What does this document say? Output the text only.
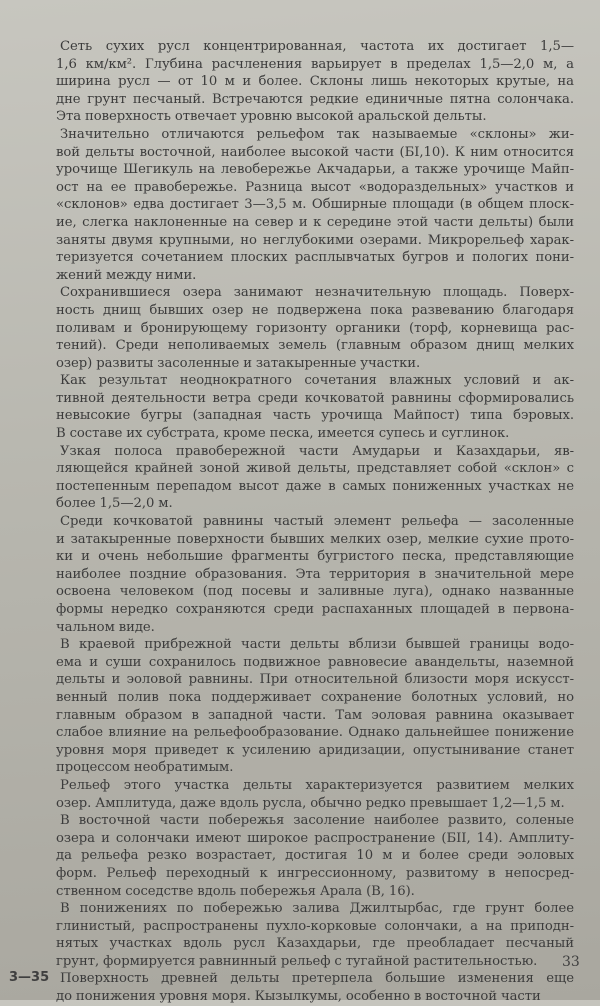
Сеть сухих русл концентрированная, частота их достигает 1,5—
1,6 км/км². Глубина расчленения варьирует в пределах 1,5—2,0 м, а
ширина русл — от 10 м и более. Склоны лишь некоторых крутые, на
дне грунт песчаный. Встречаются редкие единичные пятна солончака.
Эта поверхность отвечает уровню высокой аральской дельты.
Значительно отличаются рельефом так называемые «склоны» жи-
вой дельты восточной, наиболее высокой части (БI,10). К ним относится
урочище Шегикуль на левобережье Акчадарьи, а также урочище Майп-
ост на ее правобережье. Разница высот «водораздельных» участков и
«склонов» едва достигает 3—3,5 м. Обширные площади (в общем плоск-
ие, слегка наклоненные на север и к середине этой части дельты) были
заняты двумя крупными, но неглубокими озерами. Микрорельеф харак-
теризуется сочетанием плоских расплывчатых бугров и пологих пони-
жений между ними.
Сохранившиеся озера занимают незначительную площадь. Поверх-
ность днищ бывших озер не подвержена пока развеванию благодаря
поливам и бронирующему горизонту органики (торф, корневища рас-
тений). Среди неполиваемых земель (главным образом днищ мелких
озер) развиты засоленные и затакыренные участки.
Как результат неоднократного сочетания влажных условий и ак-
тивной деятельности ветра среди кочковатой равнины сформировались
невысокие бугры (западная часть урочища Майпост) типа бэровых.
В составе их субстрата, кроме песка, имеется супесь и суглинок.
Узкая полоса правобережной части Амударьи и Казахдарьи, яв-
ляющейся крайней зоной живой дельты, представляет собой «склон» с
постепенным перепадом высот даже в самых пониженных участках не
более 1,5—2,0 м.
Среди кочковатой равнины частый элемент рельефа — засоленные
и затакыренные поверхности бывших мелких озер, мелкие сухие прото-
ки и очень небольшие фрагменты бугристого песка, представляющие
наиболее поздние образования. Эта территория в значительной мере
освоена человеком (под посевы и заливные луга), однако названные
формы нередко сохраняются среди распаханных площадей в первона-
чальном виде.
В краевой прибрежной части дельты вблизи бывшей границы водо-
ема и суши сохранилось подвижное равновесие авандельты, наземной
дельты и эоловой равнины. При относительной близости моря искусст-
венный полив пока поддерживает сохранение болотных условий, но
главным образом в западной части. Там эоловая равнина оказывает
слабое влияние на рельефообразование. Однако дальнейшее понижение
уровня моря приведет к усилению аридизации, опустынивание станет
процессом необратимым.
Рельеф этого участка дельты характеризуется развитием мелких
озер. Амплитуда, даже вдоль русла, обычно редко превышает 1,2—1,5 м.
В восточной части побережья засоление наиболее развито, соленые
озера и солончаки имеют широкое распространение (БII, 14). Амплиту-
да рельефа резко возрастает, достигая 10 м и более среди эоловых
форм. Рельеф переходный к ингрессионному, развитому в непосред-
ственном соседстве вдоль побережья Арала (В, 16).
В понижениях по побережью залива Джилтырбас, где грунт более
глинистый, распространены пухло-корковые солончаки, а на приподн-
нятых участках вдоль русл Казахдарьи, где преобладает песчаный
грунт, формируется равнинный рельеф с тугайной растительностью.
Поверхность древней дельты претерпела большие изменения еще
до понижения уровня моря. Кызылкумы, особенно в восточной части
3—35
33
